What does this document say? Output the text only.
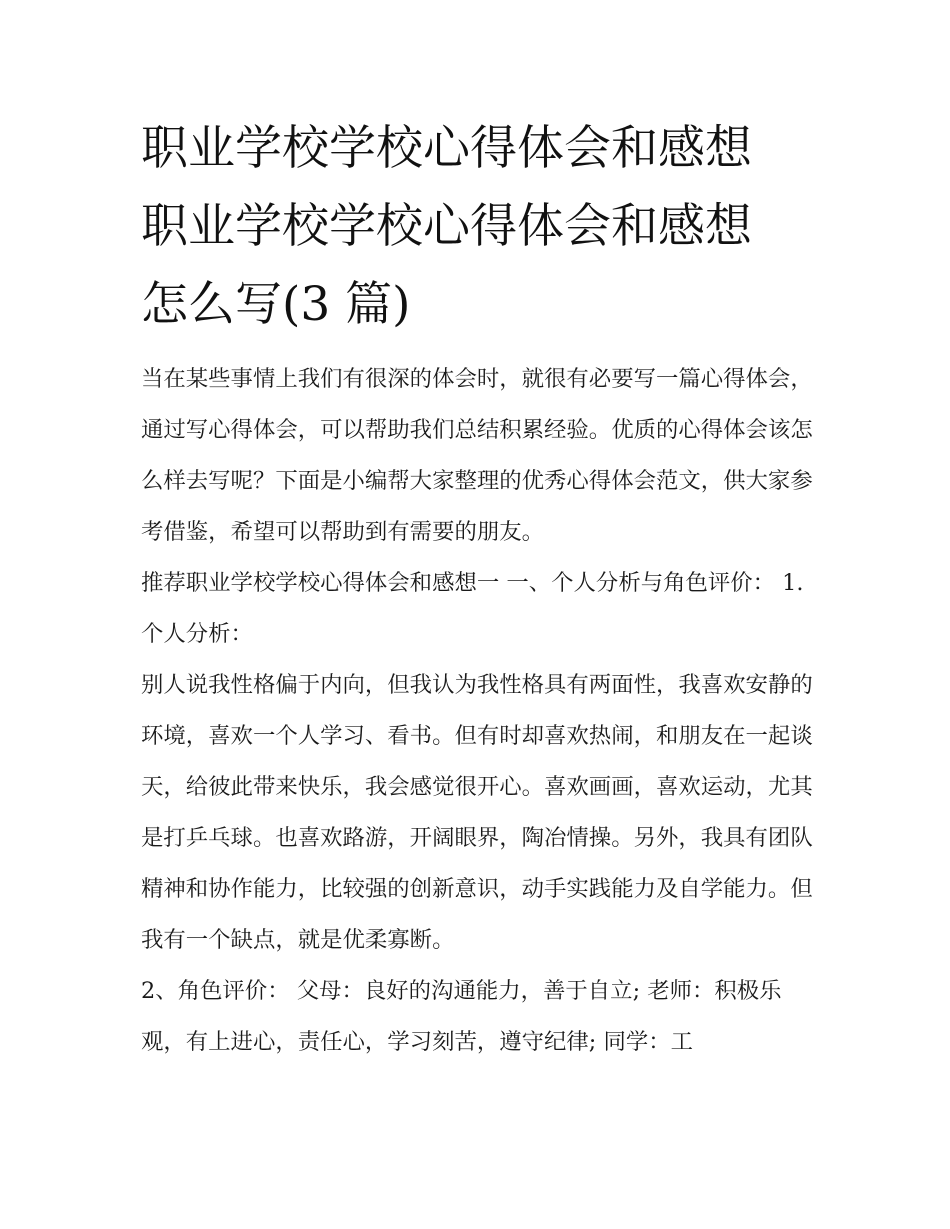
职业学校学校心得体会和感想
职业学校学校心得体会和感想
怎么写(3 篇)

当在某些事情上我们有很深的体会时，就很有必要写一篇心得体会，通过写心得体会，可以帮助我们总结积累经验。优质的心得体会该怎么样去写呢？下面是小编帮大家整理的优秀心得体会范文，供大家参考借鉴，希望可以帮助到有需要的朋友。

推荐职业学校学校心得体会和感想一 一、个人分析与角色评价： 1.个人分析：

别人说我性格偏于内向，但我认为我性格具有两面性，我喜欢安静的环境，喜欢一个人学习、看书。但有时却喜欢热闹，和朋友在一起谈天，给彼此带来快乐，我会感觉很开心。喜欢画画，喜欢运动，尤其是打乒乓球。也喜欢路游，开阔眼界，陶冶情操。另外，我具有团队精神和协作能力，比较强的创新意识，动手实践能力及自学能力。但我有一个缺点，就是优柔寡断。

2、角色评价： 父母：良好的沟通能力，善于自立; 老师：积极乐观，有上进心，责任心，学习刻苦，遵守纪律; 同学：工
